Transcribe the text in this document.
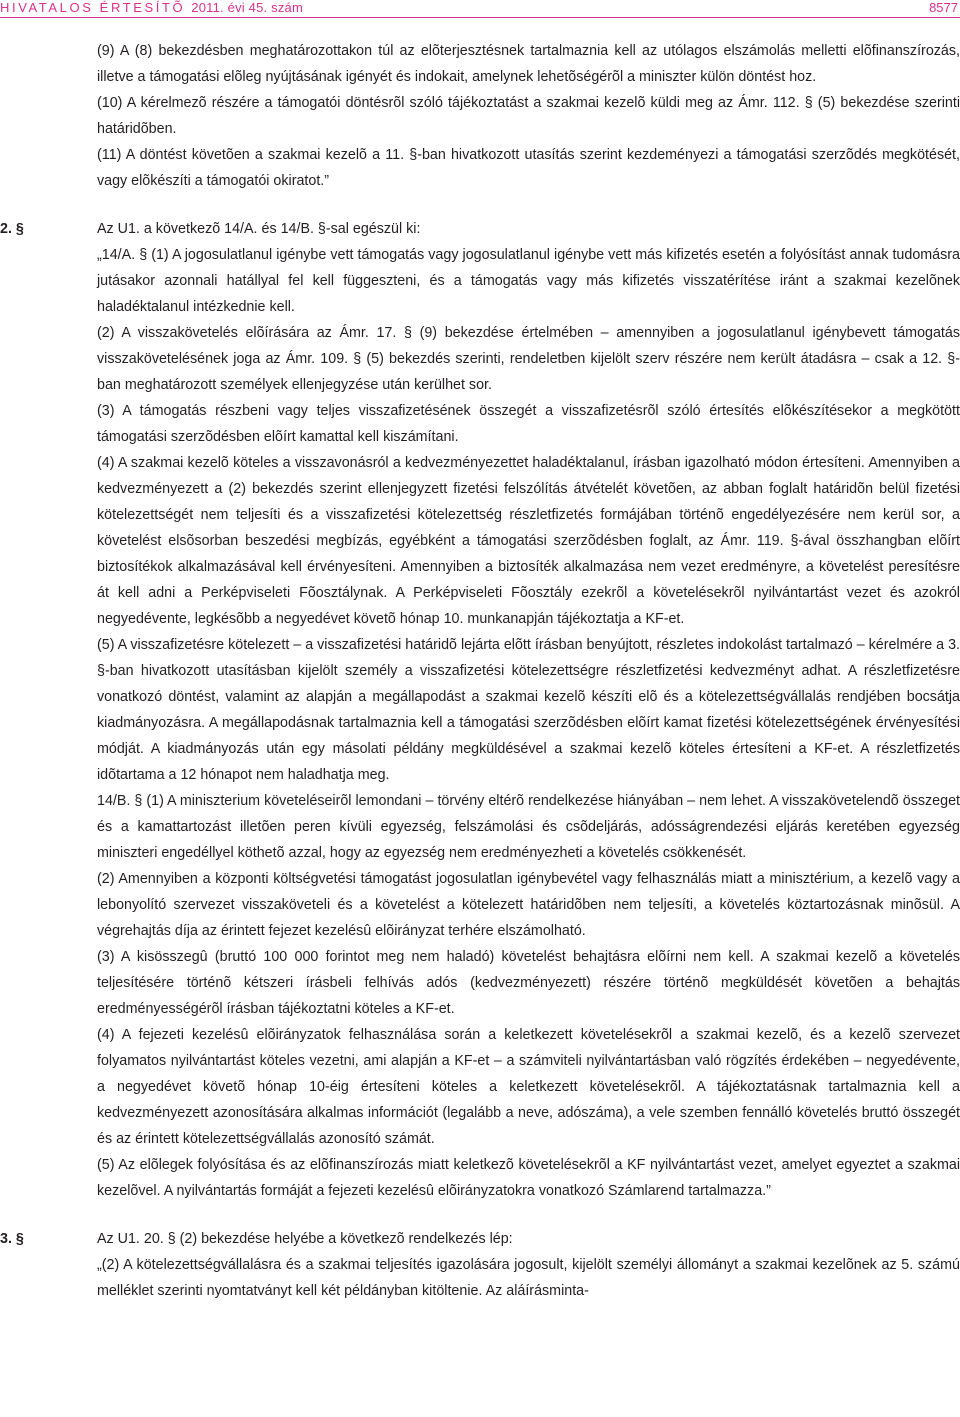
HIVATALOS ÉRTESÍTÕ 2011. évi 45. szám	8577
(9) A (8) bekezdésben meghatározottakon túl az elõterjesztésnek tartalmaznia kell az utólagos elszámolás melletti elõfinanszírozás, illetve a támogatási elõleg nyújtásának igényét és indokait, amelynek lehetõségérõl a miniszter külön döntést hoz.
(10) A kérelmezõ részére a támogatói döntésrõl szóló tájékoztatást a szakmai kezelõ küldi meg az Ámr. 112. § (5) bekezdése szerinti határidõben.
(11) A döntést követõen a szakmai kezelõ a 11. §-ban hivatkozott utasítás szerint kezdeményezi a támogatási szerzõdés megkötését, vagy elõkészíti a támogatói okiratot.”
2. §	Az U1. a következõ 14/A. és 14/B. §-sal egészül ki:
„14/A. § (1) A jogosulatlanul igénybe vett támogatás vagy jogosulatlanul igénybe vett más kifizetés esetén a folyósítást annak tudomásra jutásakor azonnali hatállyal fel kell függeszteni, és a támogatás vagy más kifizetés visszatérítése iránt a szakmai kezelõnek haladéktalanul intézkednie kell.
(2) A visszakövetelés elõírására az Ámr. 17. § (9) bekezdése értelmében – amennyiben a jogosulatlanul igénybevett támogatás visszakövetelésének joga az Ámr. 109. § (5) bekezdés szerinti, rendeletben kijelölt szerv részére nem került átadásra – csak a 12. §-ban meghatározott személyek ellenjegyzése után kerülhet sor.
(3) A támogatás részbeni vagy teljes visszafizetésének összegét a visszafizetésrõl szóló értesítés elõkészítésekor a megkötött támogatási szerzõdésben elõírt kamattal kell kiszámítani.
(4) A szakmai kezelõ köteles a visszavonásról a kedvezményezettet haladéktalanul, írásban igazolható módon értesíteni. Amennyiben a kedvezményezett a (2) bekezdés szerint ellenjegyzett fizetési felszólítás átvételét követõen, az abban foglalt határidõn belül fizetési kötelezettségét nem teljesíti és a visszafizetési kötelezettség részletfizetés formájában történõ engedélyezésére nem kerül sor, a követelést elsõsorban beszedési megbízás, egyébként a támogatási szerzõdésben foglalt, az Ámr. 119. §-ával összhangban elõírt biztosítékok alkalmazásával kell érvényesíteni. Amennyiben a biztosíték alkalmazása nem vezet eredményre, a követelést peresítésre át kell adni a Perképviseleti Fõosztálynak. A Perképviseleti Fõosztály ezekrõl a követelésekrõl nyilvántartást vezet és azokról negyedévente, legkésõbb a negyedévet követõ hónap 10. munkanapján tájékoztatja a KF-et.
(5) A visszafizetésre kötelezett – a visszafizetési határidõ lejárta elõtt írásban benyújtott, részletes indokolást tartalmazó – kérelmére a 3. §-ban hivatkozott utasításban kijelölt személy a visszafizetési kötelezettségre részletfizetési kedvezményt adhat. A részletfizetésre vonatkozó döntést, valamint az alapján a megállapodást a szakmai kezelõ készíti elõ és a kötelezettségvállalás rendjében bocsátja kiadmányozásra. A megállapodásnak tartalmaznia kell a támogatási szerzõdésben elõírt kamat fizetési kötelezettségének érvényesítési módját. A kiadmányozás után egy másolati példány megküldésével a szakmai kezelõ köteles értesíteni a KF-et. A részletfizetés idõtartama a 12 hónapot nem haladhatja meg.
14/B. § (1) A miniszterium követeléseirõl lemondani – törvény eltérõ rendelkezése hiányában – nem lehet. A visszakövetelendõ összeget és a kamattartozást illetõen peren kívüli egyezség, felszámolási és csõdeljárás, adósságrendezési eljárás keretében egyezség miniszteri engedéllyel köthetõ azzal, hogy az egyezség nem eredményezheti a követelés csökkenését.
(2) Amennyiben a központi költségvetési támogatást jogosulatlan igénybevétel vagy felhasználás miatt a minisztérium, a kezelõ vagy a lebonyolító szervezet visszaköveteli és a követelést a kötelezett határidõben nem teljesíti, a követelés köztartozásnak minõsül. A végrehajtás díja az érintett fejezet kezelésû elõirányzat terhére elszámolható.
(3) A kisösszegû (bruttó 100 000 forintot meg nem haladó) követelést behajtásra elõírni nem kell. A szakmai kezelõ a követelés teljesítésére történõ kétszeri írásbeli felhívás adós (kedvezményezett) részére történõ megküldését követõen a behajtás eredményességérõl írásban tájékoztatni köteles a KF-et.
(4) A fejezeti kezelésû elõirányzatok felhasználása során a keletkezett követelésekrõl a szakmai kezelõ, és a kezelõ szervezet folyamatos nyilvántartást köteles vezetni, ami alapján a KF-et – a számviteli nyilvántartásban való rögzítés érdekében – negyedévente, a negyedévet követõ hónap 10-éig értesíteni köteles a keletkezett követelésekrõl. A tájékoztatásnak tartalmaznia kell a kedvezményezett azonosítására alkalmas információt (legalább a neve, adószáma), a vele szemben fennálló követelés bruttó összegét és az érintett kötelezettségvállalás azonosító számát.
(5) Az elõlegek folyósítása és az elõfinanszírozás miatt keletkezõ követelésekrõl a KF nyilvántartást vezet, amelyet egyeztet a szakmai kezelõvel. A nyilvántartás formáját a fejezeti kezelésû elõirányzatokra vonatkozó Számlarend tartalmazza.”
3. §	Az U1. 20. § (2) bekezdése helyébe a következõ rendelkezés lép:
„(2) A kötelezettségvállalásra és a szakmai teljesítés igazolására jogosult, kijelölt személyi állományt a szakmai kezelõnek az 5. számú melléklet szerinti nyomtatványt kell két példányban kitöltenie. Az aláírásminta-
